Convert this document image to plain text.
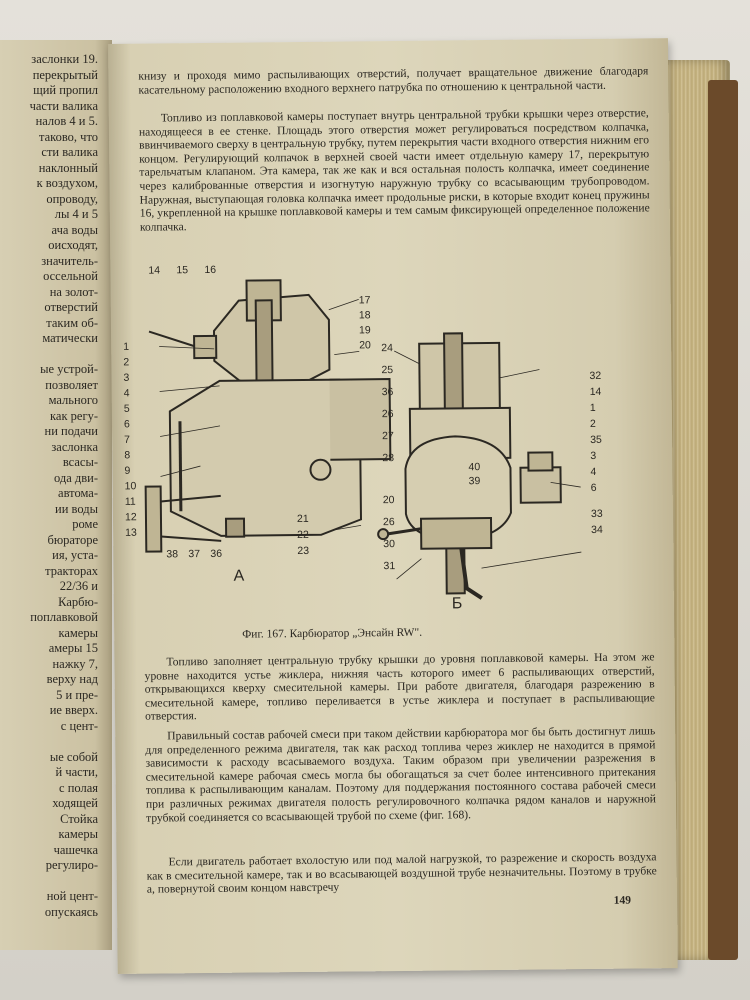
заслонки 19.
перекрытый
щий пропил
части валика
налов 4 и 5.
таково, что
сти валика
наклонный
к воздухом,
опроводу,
лы 4 и 5
ача воды
оисходят,
значитель-
оссельной
на золот-
отверстий
таким об-
матически
ые устрой-
позволяет
мального
как регу-
ни подачи
заслонка
всасы-
ода дви-
автома-
ии воды
роме
бюраторе
ия, уста-
тракторах
22/36 и
Карбю-
поплавковой
камеры
амеры 15
нажку 7,
верху над
5 и пре-
ие вверх.
с цент-
ые собой
й части,
с полая
ходящей
Стойка
камеры
чашечка
регулиро-
ной цент-
опускаясь

книзу и проходя мимо распыливающих отверстий, получает вращательное движение благодаря касательному расположению входного верхнего патрубка по отношению к центральной части.

Топливо из поплавковой камеры поступает внутрь центральной трубки крышки через отверстие, находящееся в ее стенке. Площадь этого отверстия может регулироваться посредством колпачка, ввинчиваемого сверху в центральную трубку, путем перекрытия части входного отверстия нижним его концом. Регулирующий колпачок в верхней своей части имеет отдельную камеру 17, перекрытую тарельчатым клапаном. Эта камера, так же как и вся остальная полость колпачка, имеет соединение через калиброванные отверстия и изогнутую наружную трубку со всасывающим трубопроводом. Наружная, выступающая головка колпачка имеет продольные риски, в которые входит конец пружины 16, укрепленной на крышке поплавковой камеры и тем самым фиксирующей определенное положение колпачка.

14 15 16
1
2
3
4
5
6
7
8
9
10
11
12
13
17
18
19
20
38 37 36
21
22
23
24
25
36
26
27
28
20
26
30
31
32
14
1
2
35
3
4
6
33
34
40
39
А
Б
Фиг. 167. Карбюратор „Энсайн RW".

Топливо заполняет центральную трубку крышки до уровня поплавковой камеры. На этом же уровне находится устье жиклера, нижняя часть которого имеет 6 распыливающих отверстий, открывающихся кверху смесительной камеры. При работе двигателя, благодаря разрежению в смесительной камере, топливо переливается в устье жиклера и поступает в распыливающие отверстия.

Правильный состав рабочей смеси при таком действии карбюратора мог бы быть достигнут лишь для определенного режима двигателя, так как расход топлива через жиклер не находится в прямой зависимости к расходу всасываемого воздуха. Таким образом при увеличении разрежения в смесительной камере рабочая смесь могла бы обогащаться за счет более интенсивного притекания топлива к распыливающим каналам. Поэтому для поддержания постоянного состава рабочей смеси при различных режимах двигателя полость регулировочного колпачка рядом каналов и наружной трубкой соединяется со всасывающей трубой по схеме (фиг. 168).

Если двигатель работает вхолостую или под малой нагрузкой, то разрежение и скорость воздуха как в смесительной камере, так и во всасывающей воздушной трубе незначительны. Поэтому в трубке а, повернутой своим концом навстречу

149
